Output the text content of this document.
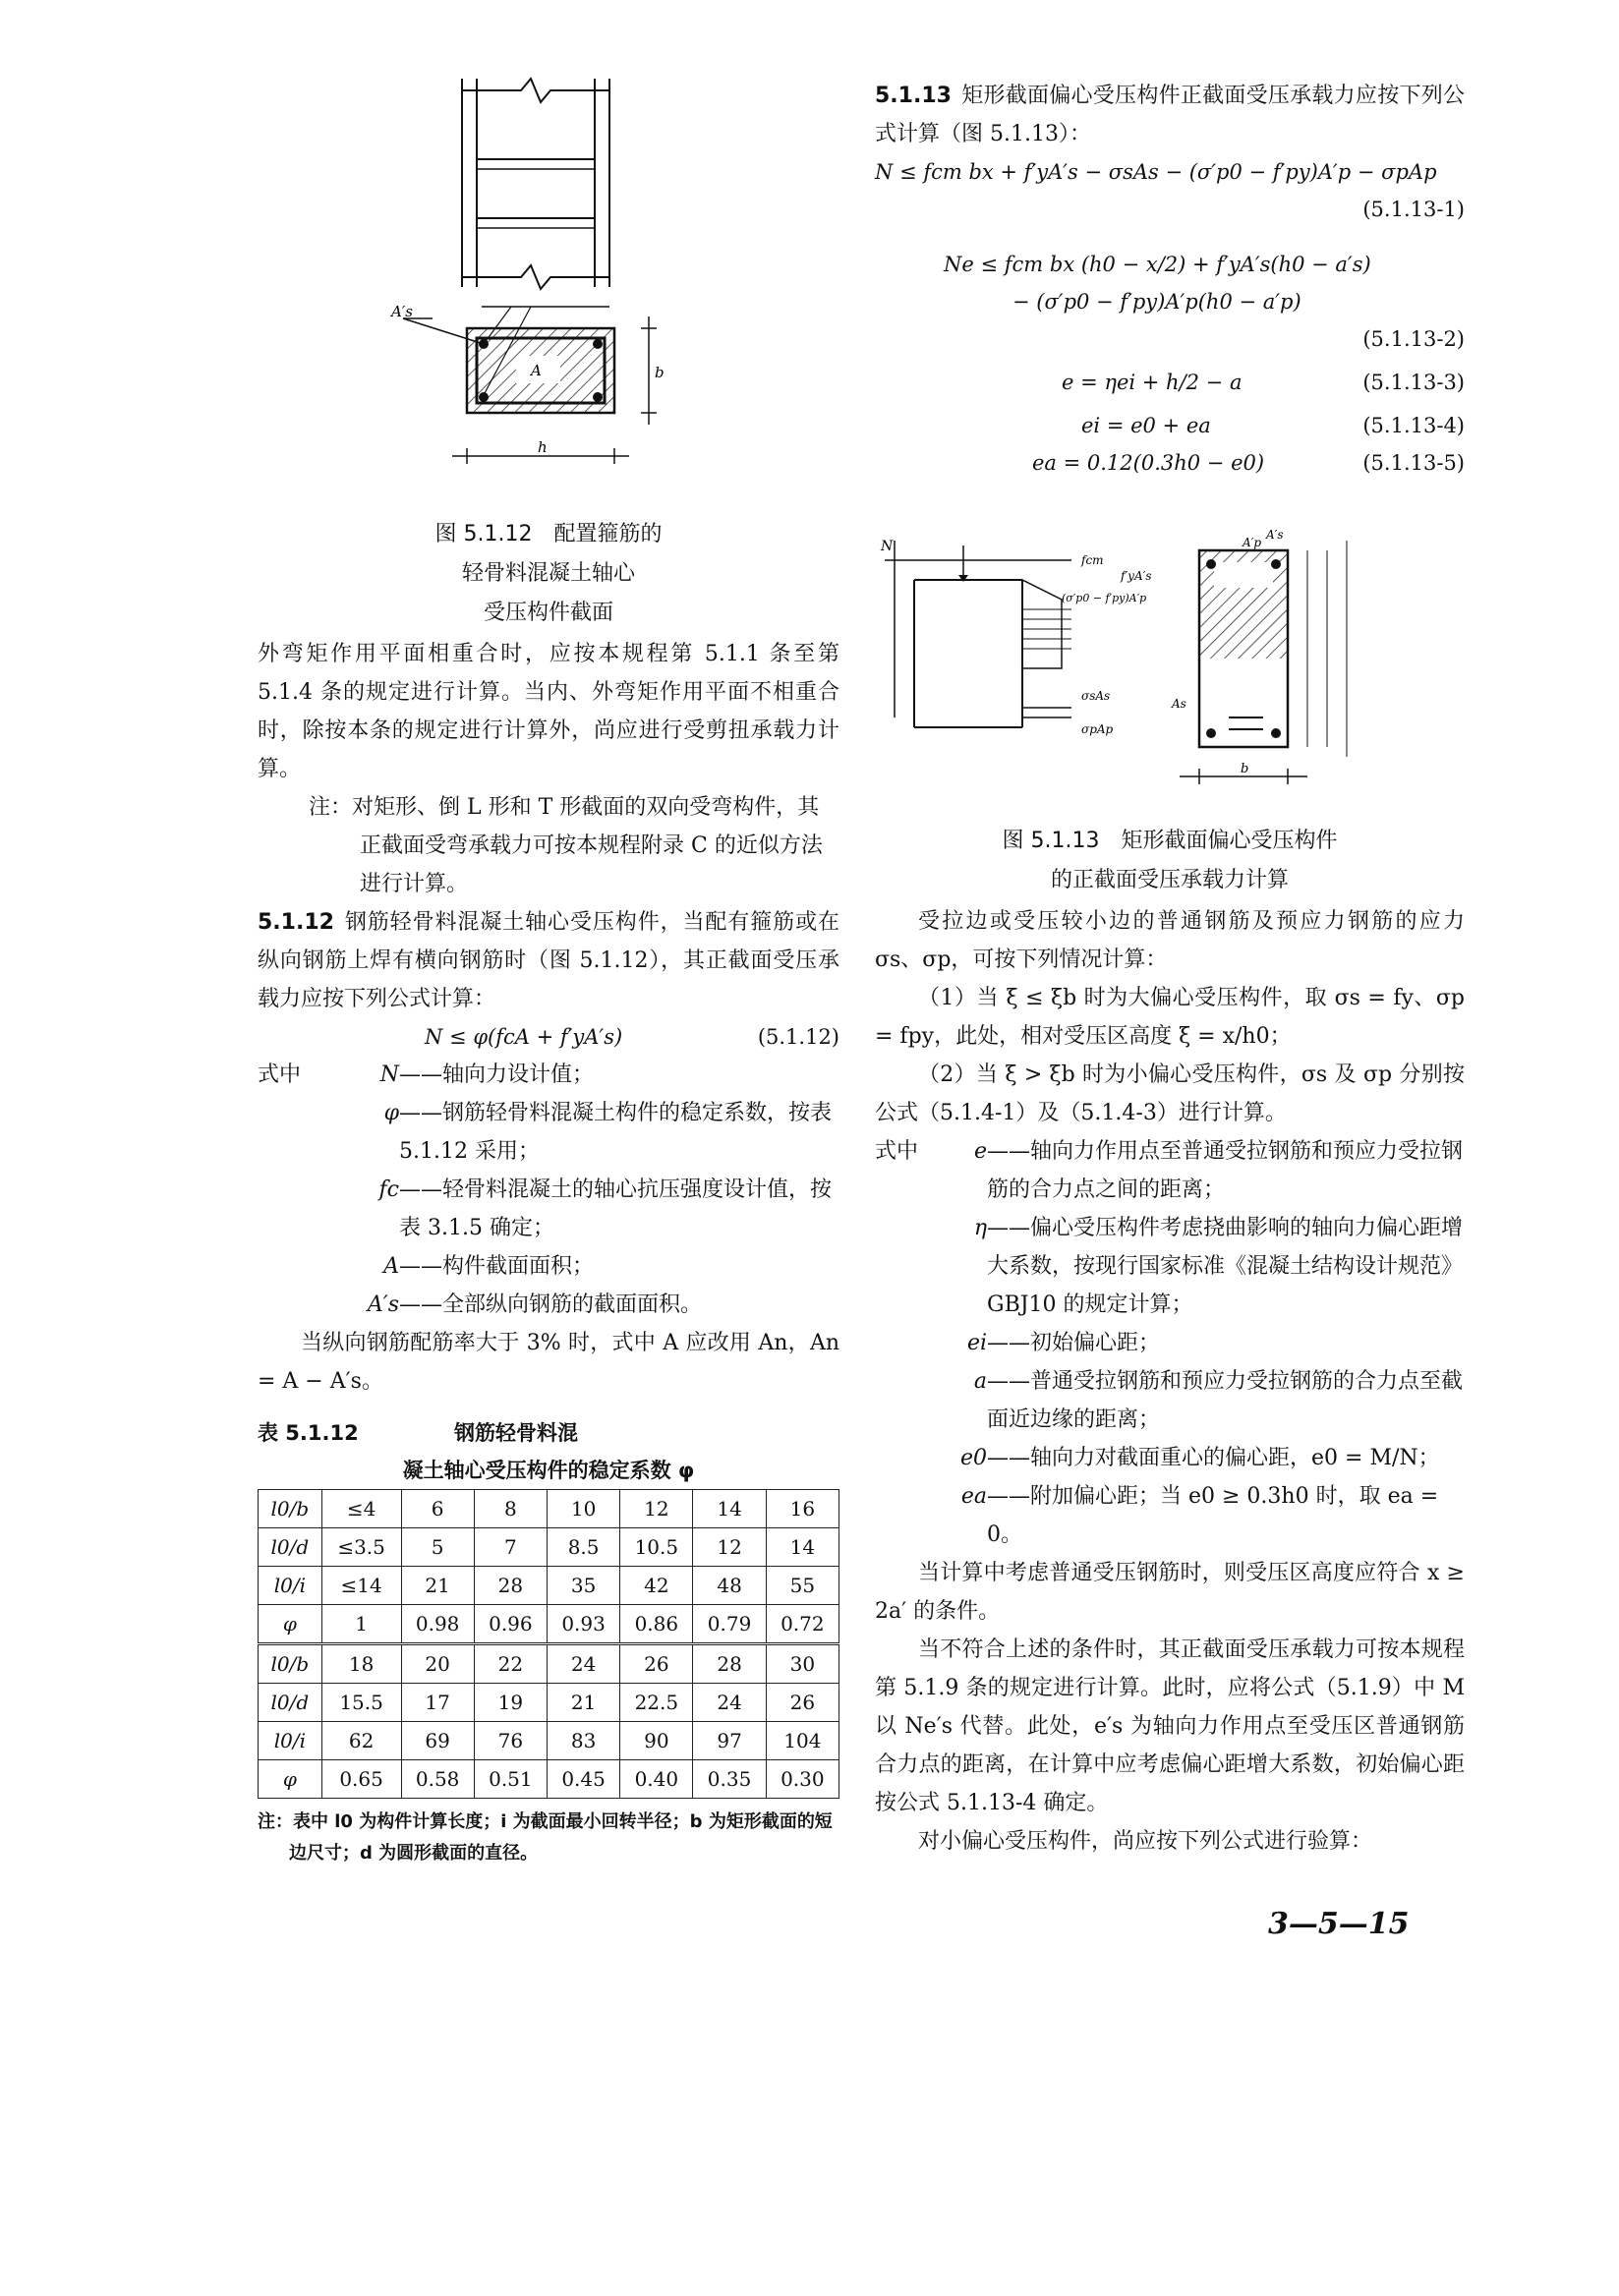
A′s
A	b
h
图 5.1.12　配置箍筋的
轻骨料混凝土轴心
受压构件截面

外弯矩作用平面相重合时，应按本规程第 5.1.1 条至第 5.1.4 条的规定进行计算。当内、外弯矩作用平面不相重合时，除按本条的规定进行计算外，尚应进行受剪扭承载力计算。

注：对矩形、倒 L 形和 T 形截面的双向受弯构件，其正截面受弯承载力可按本规程附录 C 的近似方法进行计算。

5.1.12 钢筋轻骨料混凝土轴心受压构件，当配有箍筋或在纵向钢筋上焊有横向钢筋时（图 5.1.12），其正截面受压承载力应按下列公式计算：

N ≤ φ(fcA + f′yA′s)	(5.1.12)
式中	N ——轴向力设计值；
φ ——钢筋轻骨料混凝土构件的稳定系数，按表 5.1.12 采用；
fc ——轻骨料混凝土的轴心抗压强度设计值，按表 3.1.5 确定；
A ——构件截面面积；
A′s ——全部纵向钢筋的截面面积。

当纵向钢筋配筋率大于 3% 时，式中 A 应改用 An，An = A − A′s。

表 5.1.12	钢筋轻骨料混
凝土轴心受压构件的稳定系数 φ
l0/b	≤4	6	8	10	12	14	16
l0/d	≤3.5	5	7	8.5	10.5	12	14
l0/i	≤14	21	28	35	42	48	55
φ	1	0.98	0.96	0.93	0.86	0.79	0.72
l0/b	18	20	22	24	26	28	30
l0/d	15.5	17	19	21	22.5	24	26
l0/i	62	69	76	83	90	97	104
φ	0.65	0.58	0.51	0.45	0.40	0.35	0.30
注：表中 l0 为构件计算长度；i 为截面最小回转半径；b 为矩形截面的短边尺寸；d 为圆形截面的直径。

5.1.13 矩形截面偏心受压构件正截面受压承载力应按下列公式计算（图 5.1.13）：

N ≤ fcm bx + f′yA′s − σsAs − (σ′p0 − f′py)A′p − σpAp
(5.1.13-1)
Ne ≤ fcm bx (h0 − x/2) + f′yA′s(h0 − a′s)
− (σ′p0 − f′py)A′p(h0 − a′p)
(5.1.13-2)
e = ηei + h/2 − a	(5.1.13-3)
ei = e0 + ea	(5.1.13-4)
ea = 0.12(0.3h0 − e0)	(5.1.13-5)
N
fcm
f′yA′s
(σ′p0 − f′py)A′p
σsAs
σpAp
A′s
A′p
As
b
图 5.1.13　矩形截面偏心受压构件
的正截面受压承载力计算

受拉边或受压较小边的普通钢筋及预应力钢筋的应力 σs、σp，可按下列情况计算：

（1）当 ξ ≤ ξb 时为大偏心受压构件，取 σs = fy、σp = fpy，此处，相对受压区高度 ξ = x/h0；

（2）当 ξ > ξb 时为小偏心受压构件，σs 及 σp 分别按公式（5.1.4-1）及（5.1.4-3）进行计算。

式中	e ——轴向力作用点至普通受拉钢筋和预应力受拉钢筋的合力点之间的距离；
η ——偏心受压构件考虑挠曲影响的轴向力偏心距增大系数，按现行国家标准《混凝土结构设计规范》GBJ10 的规定计算；
ei ——初始偏心距；
a ——普通受拉钢筋和预应力受拉钢筋的合力点至截面近边缘的距离；
e0 ——轴向力对截面重心的偏心距，e0 = M/N；
ea ——附加偏心距；当 e0 ≥ 0.3h0 时，取 ea = 0。

当计算中考虑普通受压钢筋时，则受压区高度应符合 x ≥ 2a′ 的条件。

当不符合上述的条件时，其正截面受压承载力可按本规程第 5.1.9 条的规定进行计算。此时，应将公式（5.1.9）中 M 以 Ne′s 代替。此处，e′s 为轴向力作用点至受压区普通钢筋合力点的距离，在计算中应考虑偏心距增大系数，初始偏心距按公式 5.1.13-4 确定。

对小偏心受压构件，尚应按下列公式进行验算：

3—5—15
